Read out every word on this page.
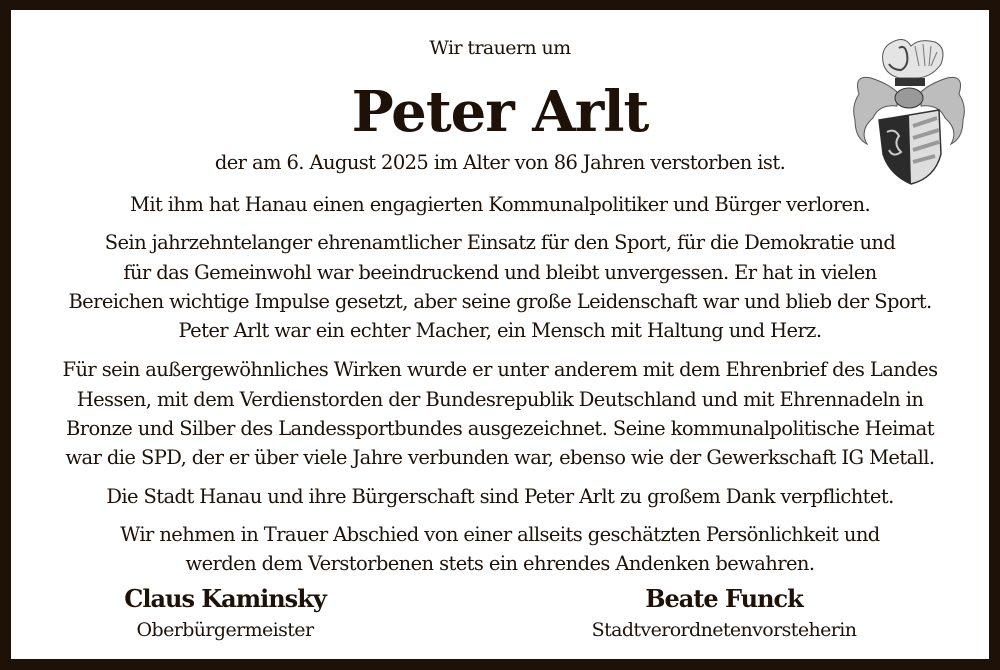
Wir trauern um
Peter Arlt
der am 6. August 2025 im Alter von 86 Jahren verstorben ist.
Mit ihm hat Hanau einen engagierten Kommunalpolitiker und Bürger verloren.
Sein jahrzehntelanger ehrenamtlicher Einsatz für den Sport, für die Demokratie und
für das Gemeinwohl war beeindruckend und bleibt unvergessen. Er hat in vielen
Bereichen wichtige Impulse gesetzt, aber seine große Leidenschaft war und blieb der Sport.
Peter Arlt war ein echter Macher, ein Mensch mit Haltung und Herz.
Für sein außergewöhnliches Wirken wurde er unter anderem mit dem Ehrenbrief des Landes
Hessen, mit dem Verdienstorden der Bundesrepublik Deutschland und mit Ehrennadeln in
Bronze und Silber des Landessportbundes ausgezeichnet. Seine kommunalpolitische Heimat
war die SPD, der er über viele Jahre verbunden war, ebenso wie der Gewerkschaft IG Metall.
Die Stadt Hanau und ihre Bürgerschaft sind Peter Arlt zu großem Dank verpflichtet.
Wir nehmen in Trauer Abschied von einer allseits geschätzten Persönlichkeit und
werden dem Verstorbenen stets ein ehrendes Andenken bewahren.
Claus Kaminsky
Oberbürgermeister
Beate Funck
Stadtverordnetenvorsteherin
